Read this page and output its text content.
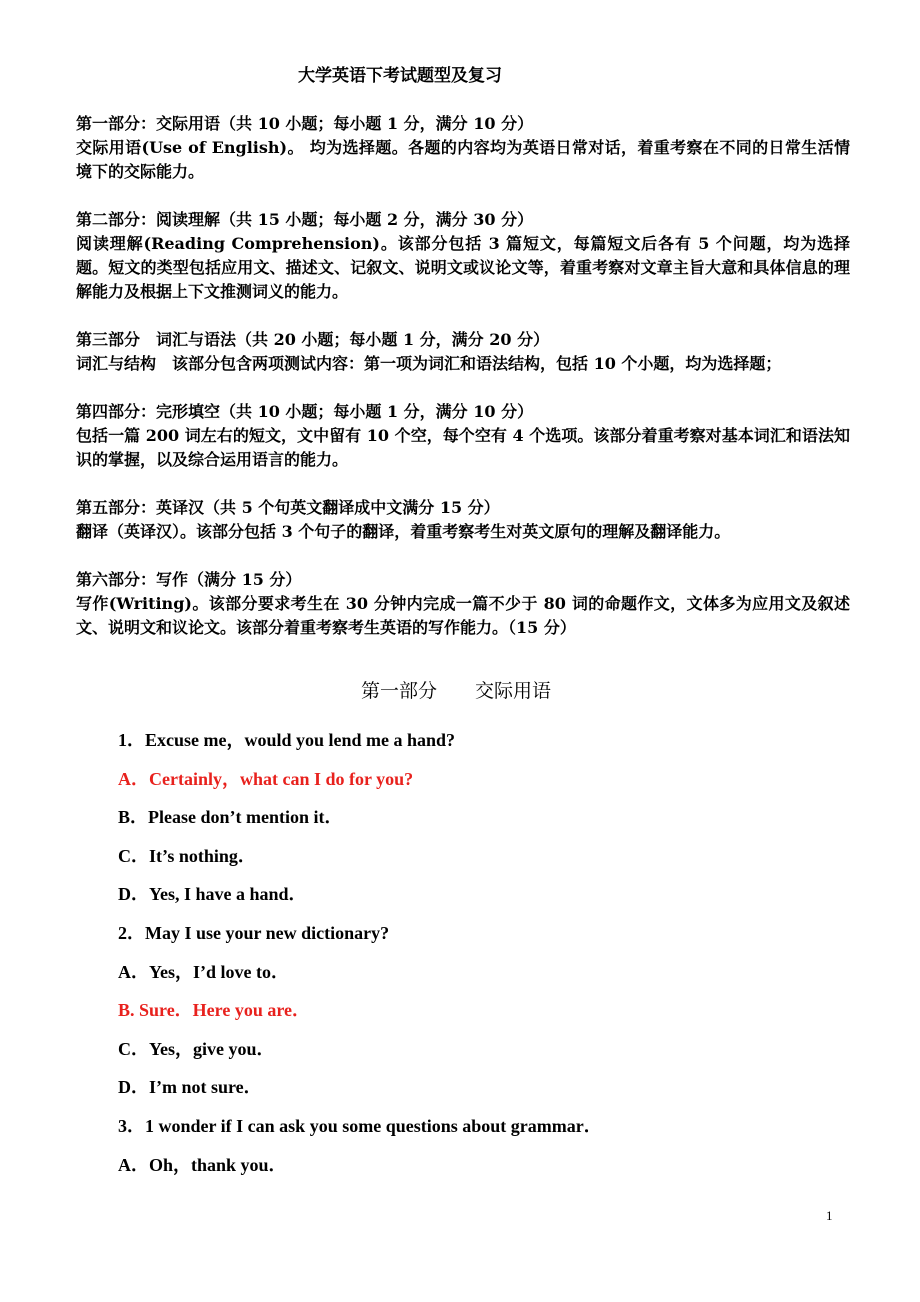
大学英语下考试题型及复习
第一部分：交际用语（共 10 小题；每小题 1 分，满分 10 分）
交际用语(Use of English)。 均为选择题。各题的内容均为英语日常对话，着重考察在不同的日常生活情境下的交际能力。
第二部分：阅读理解（共 15 小题；每小题 2 分，满分 30 分）
阅读理解(Reading Comprehension)。该部分包括 3 篇短文，每篇短文后各有 5 个问题，均为选择题。短文的类型包括应用文、描述文、记叙文、说明文或议论文等，着重考察对文章主旨大意和具体信息的理解能力及根据上下文推测词义的能力。
第三部分　词汇与语法（共 20 小题；每小题 1 分，满分 20 分）
词汇与结构　该部分包含两项测试内容：第一项为词汇和语法结构，包括 10 个小题，均为选择题；
第四部分：完形填空（共 10 小题；每小题 1 分，满分 10 分）
包括一篇 200 词左右的短文，文中留有 10 个空，每个空有 4 个选项。该部分着重考察对基本词汇和语法知识的掌握，以及综合运用语言的能力。
第五部分：英译汉（共 5 个句英文翻译成中文满分 15 分）
翻译（英译汉）。该部分包括 3 个句子的翻译，着重考察考生对英文原句的理解及翻译能力。
第六部分：写作（满分 15 分）
写作(Writing)。该部分要求考生在 30 分钟内完成一篇不少于 80 词的命题作文，文体多为应用文及叙述文、说明文和议论文。该部分着重考察考生英语的写作能力。（15 分）
第一部分　　交际用语
1．Excuse me，would you lend me a hand?
A．Certainly，what can I do for you?
B．Please don’t mention it．
C．It’s nothing．
D．Yes, I have a hand．
2．May I use your new dictionary?
A．Yes，I’d love to．
B. Sure．Here you are．
C．Yes，give you．
D．I’m not sure．
3．1 wonder if I can ask you some questions about grammar．
A．Oh，thank you．
1
